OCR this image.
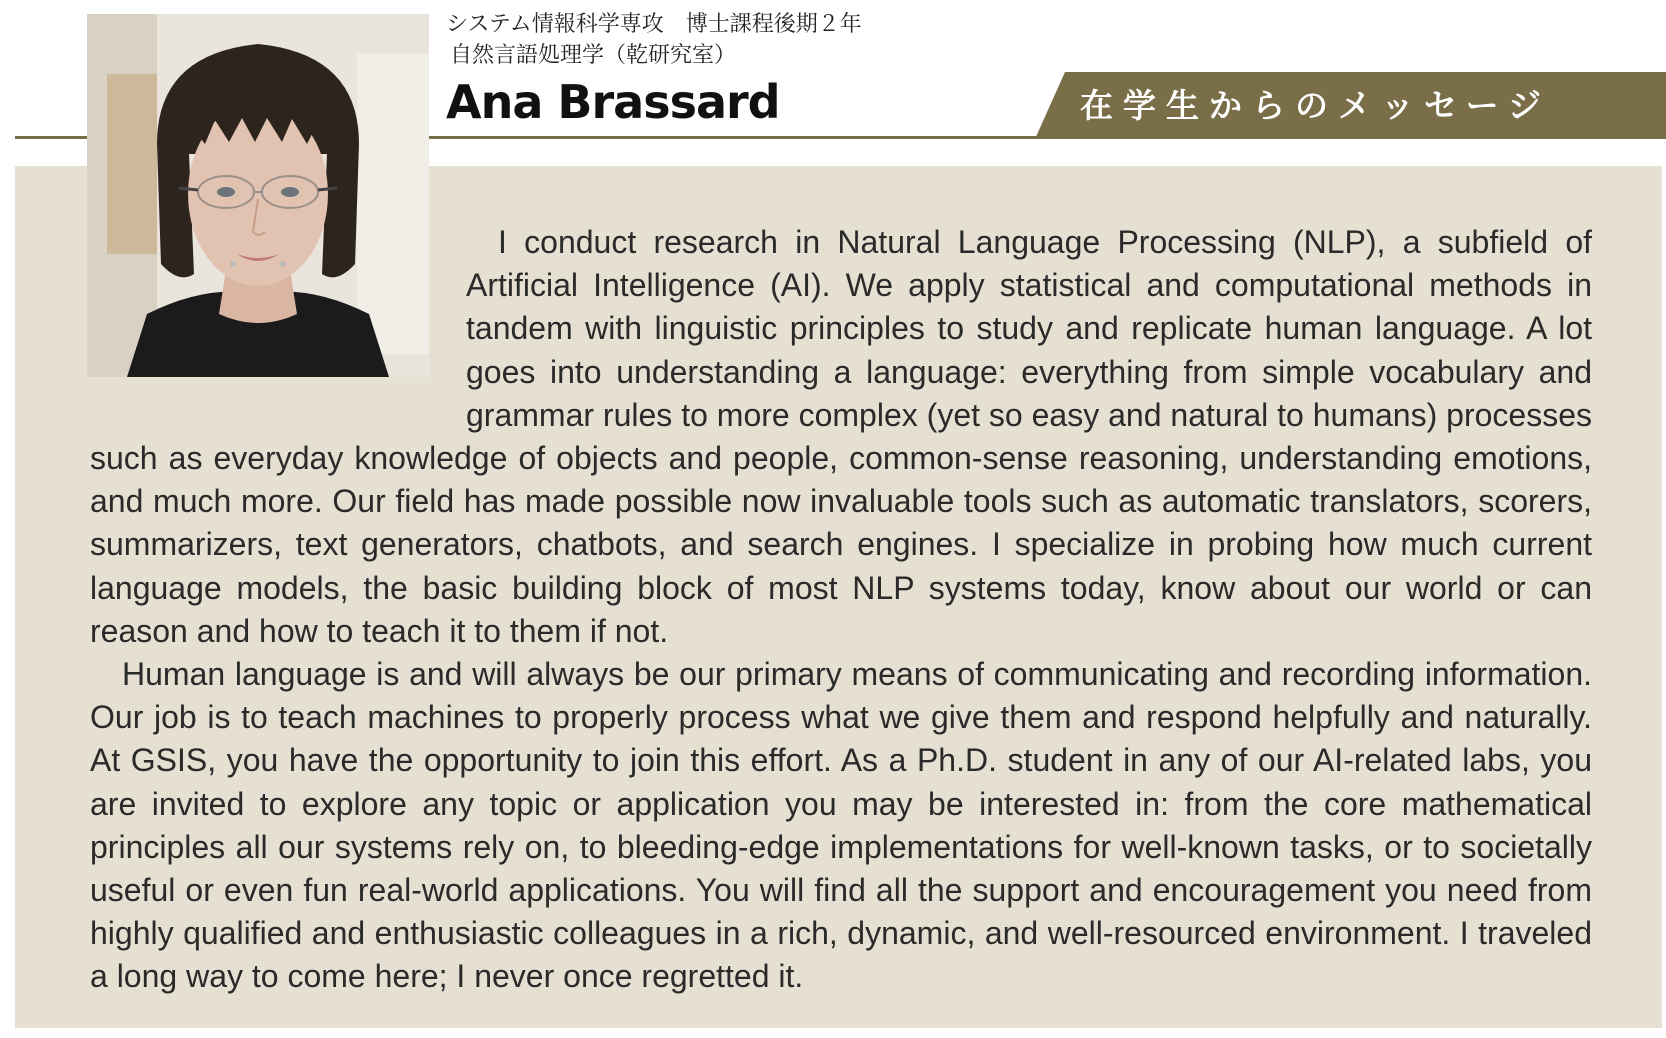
在学生からのメッセージ
システム情報科学専攻　博士課程後期２年
自然言語処理学（乾研究室）
Ana Brassard

I conduct research in Natural Language Processing (NLP), a subfield of Artificial Intelligence (AI). We apply statistical and computational methods in tandem with linguistic principles to study and replicate human language. A lot goes into understanding a language: everything from simple vocabulary and grammar rules to more complex (yet so easy and natural to humans) processes such as everyday knowledge of objects and people, common-sense reasoning, understanding emotions, and much more. Our field has made possible now invaluable tools such as automatic translators, scorers, summarizers, text generators, chatbots, and search engines. I specialize in probing how much current language models, the basic building block of most NLP systems today, know about our world or can reason and how to teach it to them if not.

Human language is and will always be our primary means of communicating and recording information. Our job is to teach machines to properly process what we give them and respond helpfully and naturally. At GSIS, you have the opportunity to join this effort. As a Ph.D. student in any of our AI-related labs, you are invited to explore any topic or application you may be interested in: from the core mathematical principles all our systems rely on, to bleeding-edge implementations for well-known tasks, or to societally useful or even fun real-world applications. You will find all the support and encouragement you need from highly qualified and enthusiastic colleagues in a rich, dynamic, and well-resourced environment. I traveled a long way to come here; I never once regretted it.
